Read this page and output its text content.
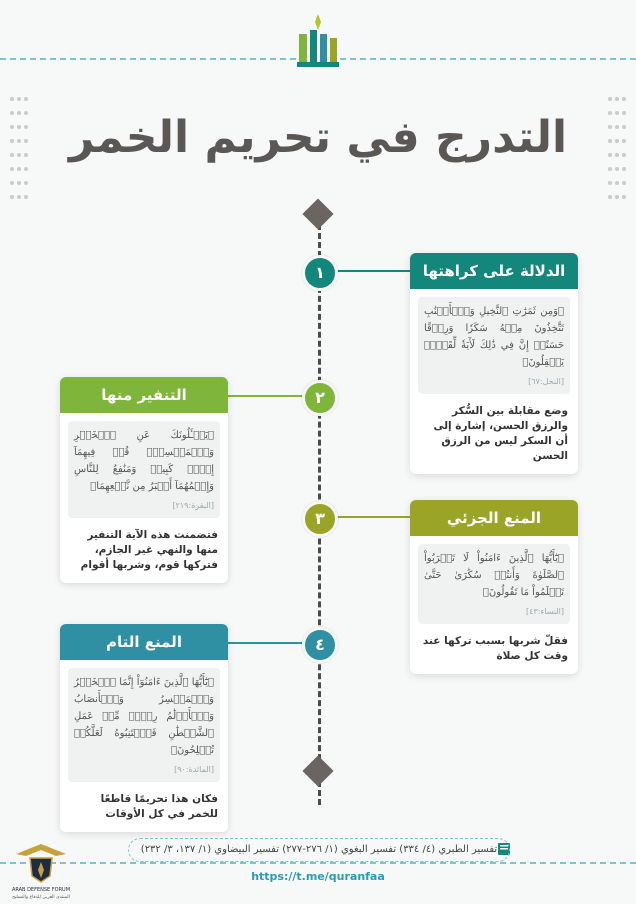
التدرج في تحريم الخمر
١	الدلالة على كراهتها
﴿وَمِن ثَمَرَٰتِ ٱلنَّخِيلِ وَٱلۡأَعۡنَٰبِ تَتَّخِذُونَ مِنۡهُ سَكَرٗا وَرِزۡقًا حَسَنًاۚ إِنَّ فِي ذَٰلِكَ لَأٓيَةٗ لِّقَوۡمٖ يَعۡقِلُونَ﴾
[النحل:٦٧]
وضع مقابلة بين السُّكر والرزق الحسن، إشارة إلى أن السكر ليس من الرزق الحسن
٢
التنفير منها
﴿يَسۡـَٔلُونَكَ عَنِ ٱلۡخَمۡرِ وَٱلۡمَيۡسِرِۖ قُلۡ فِيهِمَآ إِثۡمٞ كَبِيرٞ وَمَنَٰفِعُ لِلنَّاسِ وَإِثۡمُهُمَآ أَكۡبَرُ مِن نَّفۡعِهِمَا﴾
[البقرة:٢١٩]
فتضمنت هذه الآية التنفير منها والنهي غير الجازم، فتركها قوم، وشربها أقوام
٣	المنع الجزئي
﴿يَٰٓأَيُّهَا ٱلَّذِينَ ءَامَنُواْ لَا تَقۡرَبُواْ ٱلصَّلَوٰةَ وَأَنتُمۡ سُكَٰرَىٰ حَتَّىٰ تَعۡلَمُواْ مَا تَقُولُونَ﴾
[النساء:٤٣]
فقلّ شربها بسبب تركها عند وقت كل صلاة
٤
المنع التام
﴿يَٰٓأَيُّهَا ٱلَّذِينَ ءَامَنُوٓاْ إِنَّمَا ٱلۡخَمۡرُ وَٱلۡمَيۡسِرُ وَٱلۡأَنصَابُ وَٱلۡأَزۡلَٰمُ رِجۡسٞ مِّنۡ عَمَلِ ٱلشَّيۡطَٰنِ فَٱجۡتَنِبُوهُ لَعَلَّكُمۡ تُفۡلِحُونَ﴾
[المائدة:٩٠]
فكان هذا تحريمًا قاطعًا للخمر في كل الأوقات
تفسير الطبري (٤/ ٣٣٤) تفسير البغوي (١/ ٢٧٦-٢٧٧) تفسير البيضاوي (١/ ١٣٧، ٣/ ٢٣٢)
https://t.me/quranfaa
ARAB DEFENSE FORUM
المنتدى العربي للدفاع والتسليح
